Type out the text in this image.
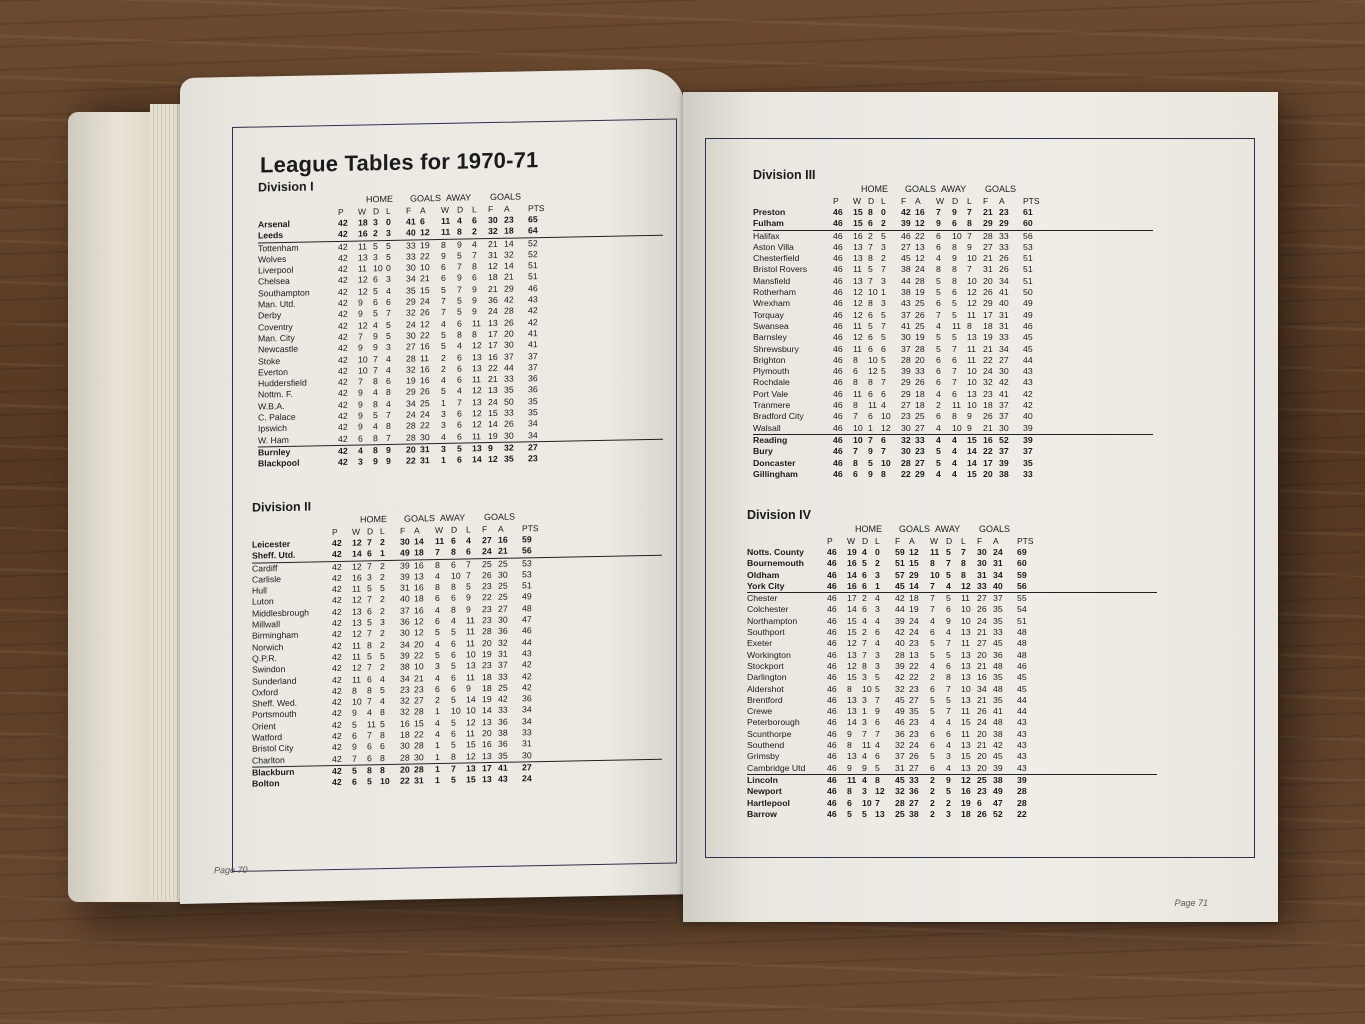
League Tables for 1970-71
Division I
HOME GOALS AWAY GOALS
P W D L F A W D L F A PTS
Arsenal	42 18 3 0 41 6 11 4 6 30 23 65
Leeds	42 16 2 3 40 12 11 8 2 32 18 64
Tottenham	42 11 5 5 33 19 8 9 4 21 14 52
Wolves	42 13 3 5 33 22 9 5 7 31 32 52
Liverpool	42 11 10 0 30 10 6 7 8 12 14 51
Chelsea	42 12 6 3 34 21 6 9 6 18 21 51
Southampton	42 12 5 4 35 15 5 7 9 21 29 46
Man. Utd.	42 9 6 6 29 24 7 5 9 36 42 43
Derby	42 9 5 7 32 26 7 5 9 24 28 42
Coventry	42 12 4 5 24 12 4 6 11 13 26 42
Man. City	42 7 9 5 30 22 5 8 8 17 20 41
Newcastle	42 9 9 3 27 16 5 4 12 17 30 41
Stoke	42 10 7 4 28 11 2 6 13 16 37 37
Everton	42 10 7 4 32 16 2 6 13 22 44 37
Huddersfield	42 7 8 6 19 16 4 6 11 21 33 36
Nottm. F.	42 9 4 8 29 26 5 4 12 13 35 36
W.B.A.	42 9 8 4 34 25 1 7 13 24 50 35
C. Palace	42 9 5 7 24 24 3 6 12 15 33 35
Ipswich	42 9 4 8 28 22 3 6 12 14 26 34
W. Ham	42 6 8 7 28 30 4 6 11 19 30 34
Burnley	42 4 8 9 20 31 3 5 13 9 32 27
Blackpool	42 3 9 9 22 31 1 6 14 12 35 23
Division II
HOME GOALS AWAY GOALS
P W D L F A W D L F A PTS
Leicester	42 12 7 2 30 14 11 6 4 27 16 59
Sheff. Utd.	42 14 6 1 49 18 7 8 6 24 21 56
Cardiff	42 12 7 2 39 16 8 6 7 25 25 53
Carlisle	42 16 3 2 39 13 4 10 7 26 30 53
Hull	42 11 5 5 31 16 8 8 5 23 25 51
Luton	42 12 7 2 40 18 6 6 9 22 25 49
Middlesbrough	42 13 6 2 37 16 4 8 9 23 27 48
Millwall	42 13 5 3 36 12 6 4 11 23 30 47
Birmingham	42 12 7 2 30 12 5 5 11 28 36 46
Norwich	42 11 8 2 34 20 4 6 11 20 32 44
Q.P.R.	42 11 5 5 39 22 5 6 10 19 31 43
Swindon	42 12 7 2 38 10 3 5 13 23 37 42
Sunderland	42 11 6 4 34 21 4 6 11 18 33 42
Oxford	42 8 8 5 23 23 6 6 9 18 25 42
Sheff. Wed.	42 10 7 4 32 27 2 5 14 19 42 36
Portsmouth	42 9 4 8 32 28 1 10 10 14 33 34
Orient	42 5 11 5 16 15 4 5 12 13 36 34
Watford	42 6 7 8 18 22 4 6 11 20 38 33
Bristol City	42 9 6 6 30 28 1 5 15 16 36 31
Charlton	42 7 6 8 28 30 1 8 12 13 35 30
Blackburn	42 5 8 8 20 28 1 7 13 17 41 27
Bolton	42 6 5 10 22 31 1 5 15 13 43 24
Page 70
Division III
HOME GOALS AWAY GOALS
P W D L F A W D L F A PTS
Preston	46 15 8 0 42 16 7 9 7 21 23 61
Fulham	46 15 6 2 39 12 9 6 8 29 29 60
Halifax	46 16 2 5 46 22 6 10 7 28 33 56
Aston Villa	46 13 7 3 27 13 6 8 9 27 33 53
Chesterfield	46 13 8 2 45 12 4 9 10 21 26 51
Bristol Rovers	46 11 5 7 38 24 8 8 7 31 26 51
Mansfield	46 13 7 3 44 28 5 8 10 20 34 51
Rotherham	46 12 10 1 38 19 5 6 12 26 41 50
Wrexham	46 12 8 3 43 25 6 5 12 29 40 49
Torquay	46 12 6 5 37 26 7 5 11 17 31 49
Swansea	46 11 5 7 41 25 4 11 8 18 31 46
Barnsley	46 12 6 5 30 19 5 5 13 19 33 45
Shrewsbury	46 11 6 6 37 28 5 7 11 21 34 45
Brighton	46 8 10 5 28 20 6 6 11 22 27 44
Plymouth	46 6 12 5 39 33 6 7 10 24 30 43
Rochdale	46 8 8 7 29 26 6 7 10 32 42 43
Port Vale	46 11 6 6 29 18 4 6 13 23 41 42
Tranmere	46 8 11 4 27 18 2 11 10 18 37 42
Bradford City	46 7 6 10 23 25 6 8 9 26 37 40
Walsall	46 10 1 12 30 27 4 10 9 21 30 39
Reading	46 10 7 6 32 33 4 4 15 16 52 39
Bury	46 7 9 7 30 23 5 4 14 22 37 37
Doncaster	46 8 5 10 28 27 5 4 14 17 39 35
Gillingham	46 6 9 8 22 29 4 4 15 20 38 33
Division IV
HOME GOALS AWAY GOALS
P W D L F A W D L F A PTS
Notts. County	46 19 4 0 59 12 11 5 7 30 24 69
Bournemouth	46 16 5 2 51 15 8 7 8 30 31 60
Oldham	46 14 6 3 57 29 10 5 8 31 34 59
York City	46 16 6 1 45 14 7 4 12 33 40 56
Chester	46 17 2 4 42 18 7 5 11 27 37 55
Colchester	46 14 6 3 44 19 7 6 10 26 35 54
Northampton	46 15 4 4 39 24 4 9 10 24 35 51
Southport	46 15 2 6 42 24 6 4 13 21 33 48
Exeter	46 12 7 4 40 23 5 7 11 27 45 48
Workington	46 13 7 3 28 13 5 5 13 20 36 48
Stockport	46 12 8 3 39 22 4 6 13 21 48 46
Darlington	46 15 3 5 42 22 2 8 13 16 35 45
Aldershot	46 8 10 5 32 23 6 7 10 34 48 45
Brentford	46 13 3 7 45 27 5 5 13 21 35 44
Crewe	46 13 1 9 49 35 5 7 11 26 41 44
Peterborough	46 14 3 6 46 23 4 4 15 24 48 43
Scunthorpe	46 9 7 7 36 23 6 6 11 20 38 43
Southend	46 8 11 4 32 24 6 4 13 21 42 43
Grimsby	46 13 4 6 37 26 5 3 15 20 45 43
Cambridge Utd 46 9 9 5 31 27 6 4 13 20 39 43
Lincoln	46 11 4 8 45 33 2 9 12 25 38 39
Newport	46 8 3 12 32 36 2 5 16 23 49 28
Hartlepool	46 6 10 7 28 27 2 2 19 6 47 28
Barrow	46 5 5 13 25 38 2 3 18 26 52 22
Page 71
